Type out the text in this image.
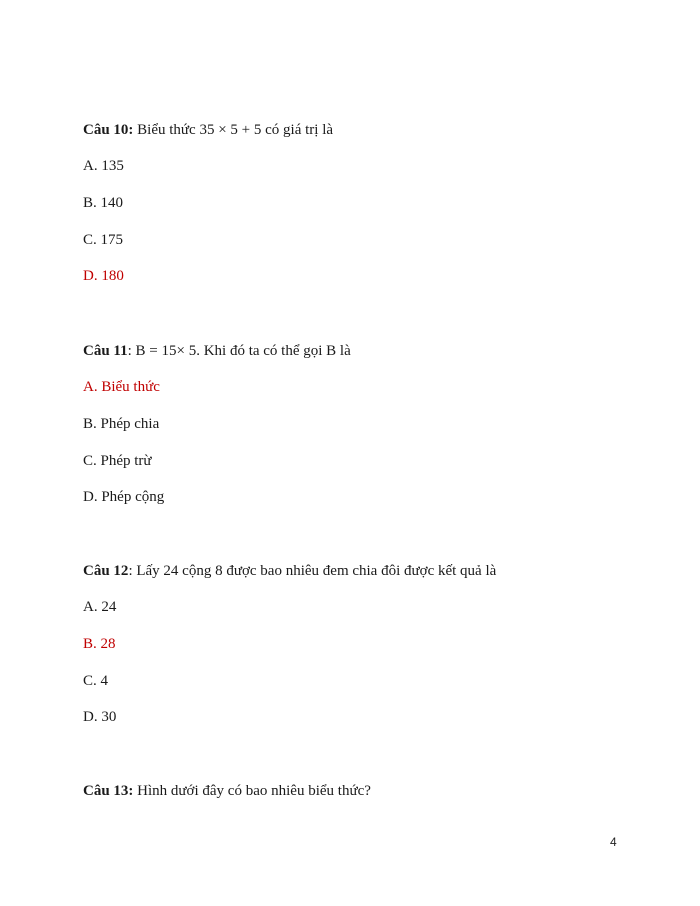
Câu 10: Biểu thức 35 × 5 + 5 có giá trị là
A. 135
B. 140
C. 175
D. 180
Câu 11: B = 15× 5. Khi đó ta có thể gọi B là
A. Biểu thức
B. Phép chia
C. Phép trừ
D. Phép cộng
Câu 12: Lấy 24 cộng 8 được bao nhiêu đem chia đôi được kết quả là
A. 24
B. 28
C. 4
D. 30
Câu 13: Hình dưới đây có bao nhiêu biểu thức?
4
